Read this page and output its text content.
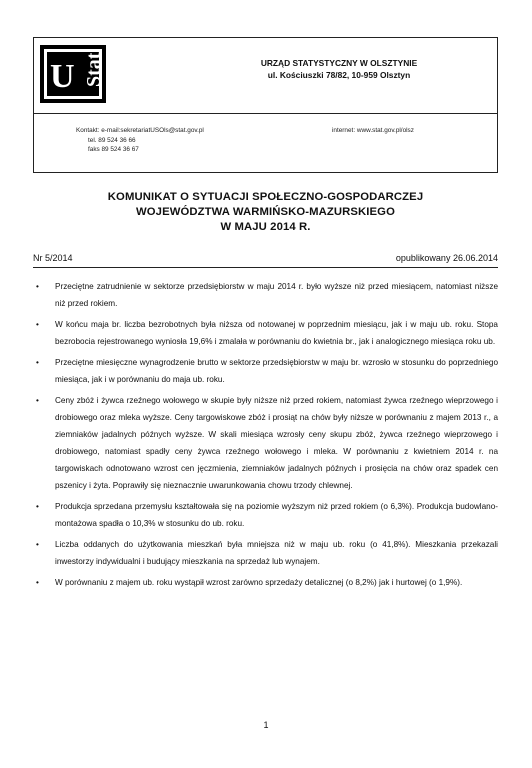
U Stat	URZĄD STATYSTYCZNY W OLSZTYNIE
ul. Kościuszki 78/82, 10-959 Olsztyn
Kontakt: e-mail:sekretariatUSOls@stat.gov.pl
tel. 89 524 36 66
faks 89 524 36 67
internet: www.stat.gov.pl/olsz
KOMUNIKAT O SYTUACJI SPOŁECZNO-GOSPODARCZEJ
WOJEWÓDZTWA WARMIŃSKO-MAZURSKIEGO
W MAJU 2014 R.
Nr 5/2014	opublikowany 26.06.2014
• Przeciętne zatrudnienie w sektorze przedsiębiorstw w maju 2014 r. było wyższe niż przed miesiącem, natomiast niższe niż przed rokiem.
• W końcu maja br. liczba bezrobotnych była niższa od notowanej w poprzednim miesiącu, jak i w maju ub. roku. Stopa bezrobocia rejestrowanego wyniosła 19,6% i zmalała w porównaniu do kwietnia br., jak i analogicznego miesiąca roku ub.
• Przeciętne miesięczne wynagrodzenie brutto w sektorze przedsiębiorstw w maju br. wzrosło w stosunku do poprzedniego miesiąca, jak i w porównaniu do maja ub. roku.
• Ceny zbóż i żywca rzeźnego wołowego w skupie były niższe niż przed rokiem, natomiast żywca rzeźnego wieprzowego i drobiowego oraz mleka wyższe. Ceny targowiskowe zbóż i prosiąt na chów były niższe w porównaniu z majem 2013 r., a ziemniaków jadalnych późnych wyższe. W skali miesiąca wzrosły ceny skupu zbóż, żywca rzeźnego wieprzowego i drobiowego, natomiast spadły ceny żywca rzeźnego wołowego i mleka. W porównaniu z kwietniem 2014 r. na targowiskach odnotowano wzrost cen jęczmienia, ziemniaków jadalnych późnych i prosięcia na chów oraz spadek cen pszenicy i żyta. Poprawiły się nieznacznie uwarunkowania chowu trzody chlewnej.
• Produkcja sprzedana przemysłu kształtowała się na poziomie wyższym niż przed rokiem (o 6,3%). Produkcja budowlano-montażowa spadła o 10,3% w stosunku do ub. roku.
• Liczba oddanych do użytkowania mieszkań była mniejsza niż w maju ub. roku (o 41,8%). Mieszkania przekazali inwestorzy indywidualni i budujący mieszkania na sprzedaż lub wynajem.
• W porównaniu z majem ub. roku wystąpił wzrost zarówno sprzedaży detalicznej (o 8,2%) jak i hurtowej (o 1,9%).
1
